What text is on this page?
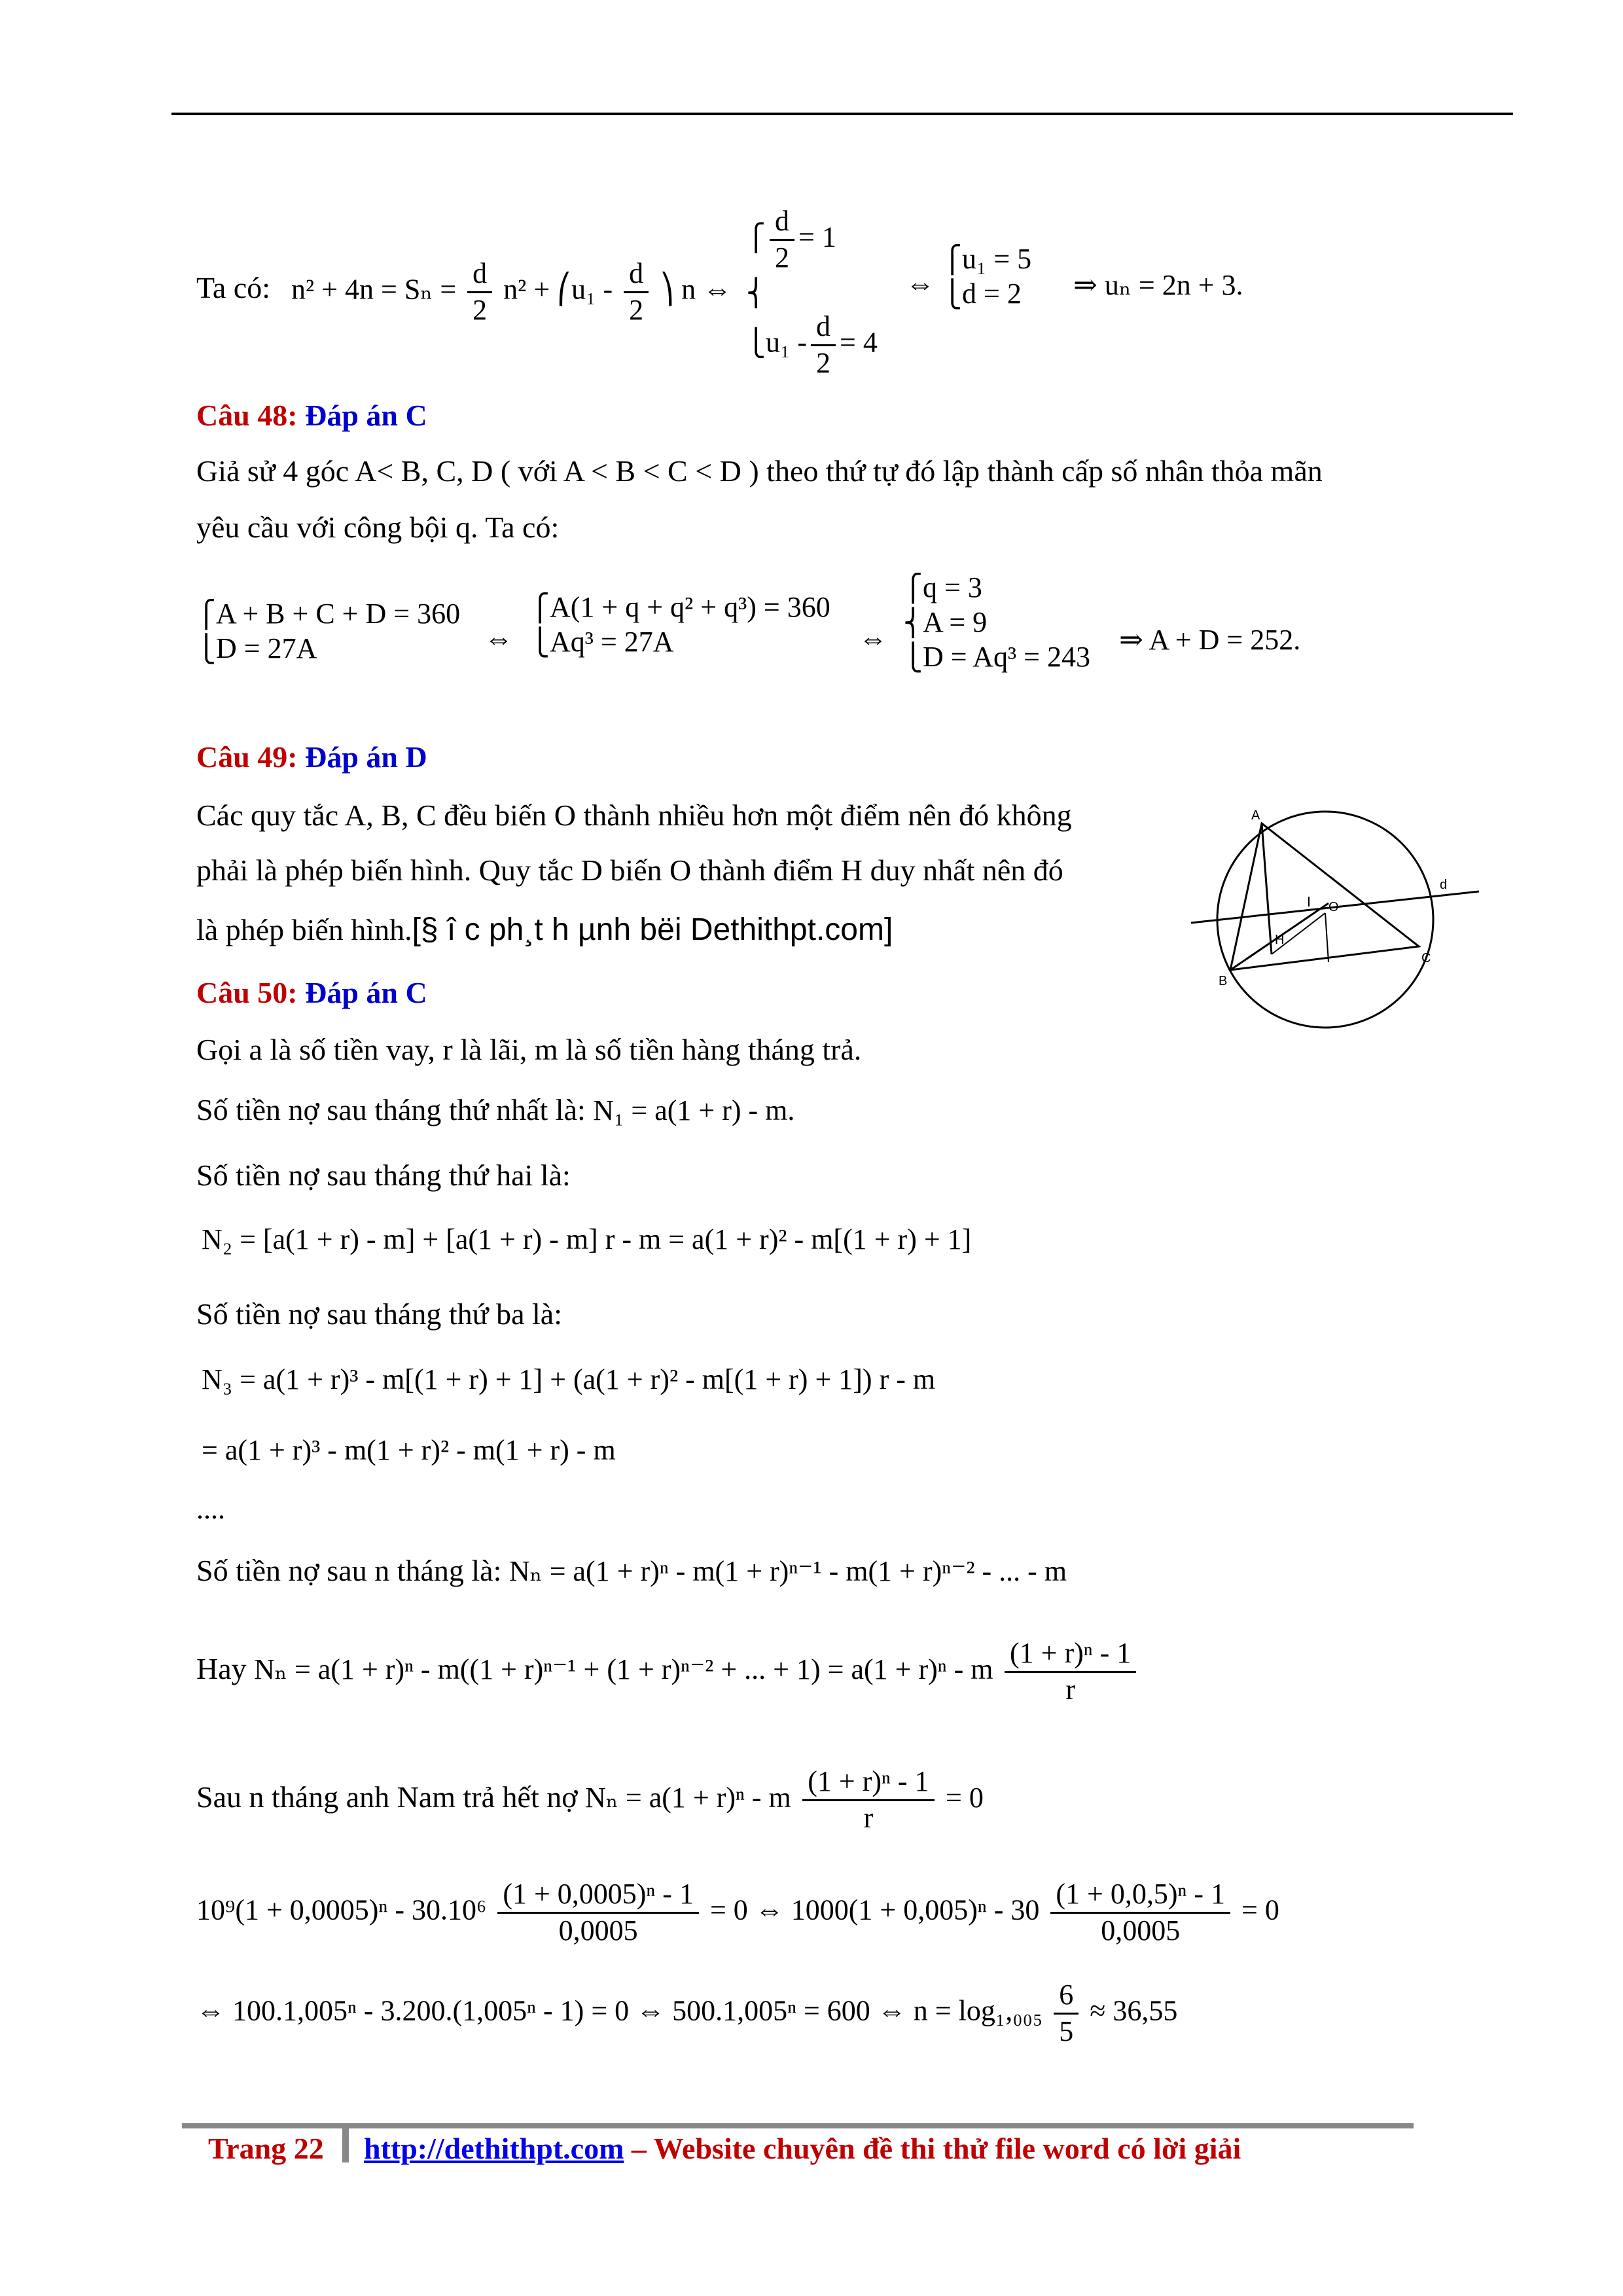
Ta có: $n^2 + 4n = S_n = \frac{d}{2} n^2$ + ⎛u₁ - $\frac{d}{2}$ ⎞ n ⇔
⎧ $\frac{d}{2} = 1$
⎨
⎩u₁ - $\frac{d}{2} = 4$
⇔
⎧u₁ = 5
⎩d = 2	⇒ uₙ = 2n + 3.
Câu 48: Đáp án C
Giả sử 4 góc A< B, C, D ( với A < B < C < D ) theo thứ tự đó lập thành cấp số nhân thỏa mãn
yêu cầu với công bội q. Ta có:
⎧A + B + C + D = 360
⎩D = 27A	⇔
⎧A(1 + q + q² + q³) = 360
⎩Aq³ = 27A	⇔
⎧q = 3
⎨A = 9
⎩D = Aq³ = 243
⇒ A + D = 252.
Câu 49: Đáp án D
Các quy tắc A, B, C đều biến O thành nhiều hơn một điểm nên đó không
phải là phép biến hình. Quy tắc D biến O thành điểm H duy nhất nên đó
là phép biến hình.[§ î c ph¸t h µnh bëi Dethithpt.com]
A
B
C
O
H
d
Câu 50: Đáp án C
Gọi a là số tiền vay, r là lãi, m là số tiền hàng tháng trả.
Số tiền nợ sau tháng thứ nhất là: N₁ = a(1 + r) - m.
Số tiền nợ sau tháng thứ hai là:
N₂ = [a(1 + r) - m] + [a(1 + r) - m] r - m = a(1 + r)² - m[(1 + r) + 1]
Số tiền nợ sau tháng thứ ba là:
N₃ = a(1 + r)³ - m[(1 + r) + 1] + (a(1 + r)² - m[(1 + r) + 1]) r - m
= a(1 + r)³ - m(1 + r)² - m(1 + r) - m
....
Số tiền nợ sau n tháng là: Nₙ = a(1 + r)ⁿ - m(1 + r)ⁿ⁻¹ - m(1 + r)ⁿ⁻² - ... - m
Hay Nₙ = a(1 + r)ⁿ - m((1 + r)ⁿ⁻¹ + (1 + r)ⁿ⁻² + ... + 1) = a(1 + r)ⁿ - m $\frac{\text{(1 + r)ⁿ - 1}}{r}$
Sau n tháng anh Nam trả hết nợ Nₙ = a(1 + r)ⁿ - m $\frac{\text{(1 + r)ⁿ - 1}}{r} = 0$
$10^9(1 + 0,0005)^n - 30.10^6 \frac{\text{(1 + 0,0005)ⁿ - 1}}{0,0005} = 0$ ⇔ $1000(1 + 0,005)^n - 30 \frac{\text{(1 + 0,0,5)ⁿ - 1}}{0,0005} = 0$
⇔ 100.1,005ⁿ - 3.200.(1,005ⁿ - 1) = 0 ⇔ 500.1,005ⁿ = 600 ⇔ $n = \log_1,_{005} \frac{6}{5} \approx 36,55$
Trang 22 http://dethithpt.com – Website chuyên đề thi thử file word có lời giải
